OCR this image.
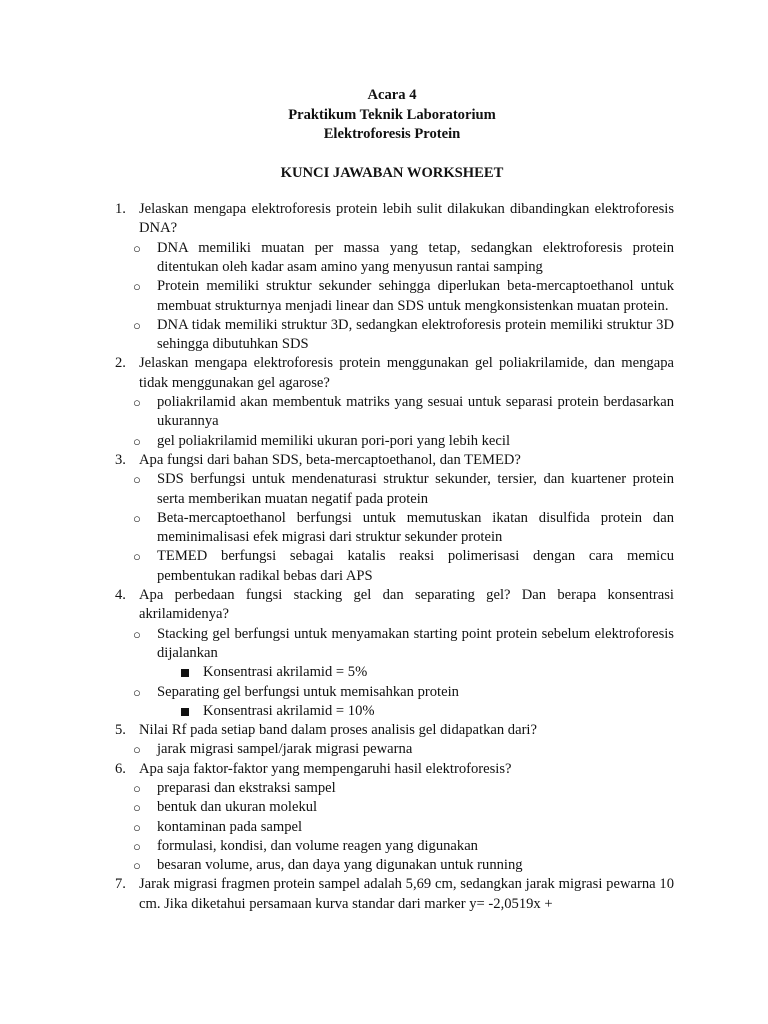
Acara 4
Praktikum Teknik Laboratorium
Elektroforesis Protein
KUNCI JAWABAN WORKSHEET
1. Jelaskan mengapa elektroforesis protein lebih sulit dilakukan dibandingkan elektroforesis DNA?
○ DNA memiliki muatan per massa yang tetap, sedangkan elektroforesis protein ditentukan oleh kadar asam amino yang menyusun rantai samping
○ Protein memiliki struktur sekunder sehingga diperlukan beta-mercaptoethanol untuk membuat strukturnya menjadi linear dan SDS untuk mengkonsistenkan muatan protein.
○ DNA tidak memiliki struktur 3D, sedangkan elektroforesis protein memiliki struktur 3D sehingga dibutuhkan SDS
2. Jelaskan mengapa elektroforesis protein menggunakan gel poliakrilamide, dan mengapa tidak menggunakan gel agarose?
○ poliakrilamid akan membentuk matriks yang sesuai untuk separasi protein berdasarkan ukurannya
○ gel poliakrilamid memiliki ukuran pori-pori yang lebih kecil
3. Apa fungsi dari bahan SDS, beta-mercaptoethanol, dan TEMED?
○ SDS berfungsi untuk mendenaturasi struktur sekunder, tersier, dan kuartener protein serta memberikan muatan negatif pada protein
○ Beta-mercaptoethanol berfungsi untuk memutuskan ikatan disulfida protein dan meminimalisasi efek migrasi dari struktur sekunder protein
○ TEMED berfungsi sebagai katalis reaksi polimerisasi dengan cara memicu pembentukan radikal bebas dari APS
4. Apa perbedaan fungsi stacking gel dan separating gel? Dan berapa konsentrasi akrilamidenya?
○ Stacking gel berfungsi untuk menyamakan starting point protein sebelum elektroforesis dijalankan
Konsentrasi akrilamid = 5%
○ Separating gel berfungsi untuk memisahkan protein
Konsentrasi akrilamid = 10%
5. Nilai Rf pada setiap band dalam proses analisis gel didapatkan dari?
○ jarak migrasi sampel/jarak migrasi pewarna
6. Apa saja faktor-faktor yang mempengaruhi hasil elektroforesis?
○ preparasi dan ekstraksi sampel
○ bentuk dan ukuran molekul
○ kontaminan pada sampel
○ formulasi, kondisi, dan volume reagen yang digunakan
○ besaran volume, arus, dan daya yang digunakan untuk running
7. Jarak migrasi fragmen protein sampel adalah 5,69 cm, sedangkan jarak migrasi pewarna 10 cm. Jika diketahui persamaan kurva standar dari marker y= -2,0519x +
